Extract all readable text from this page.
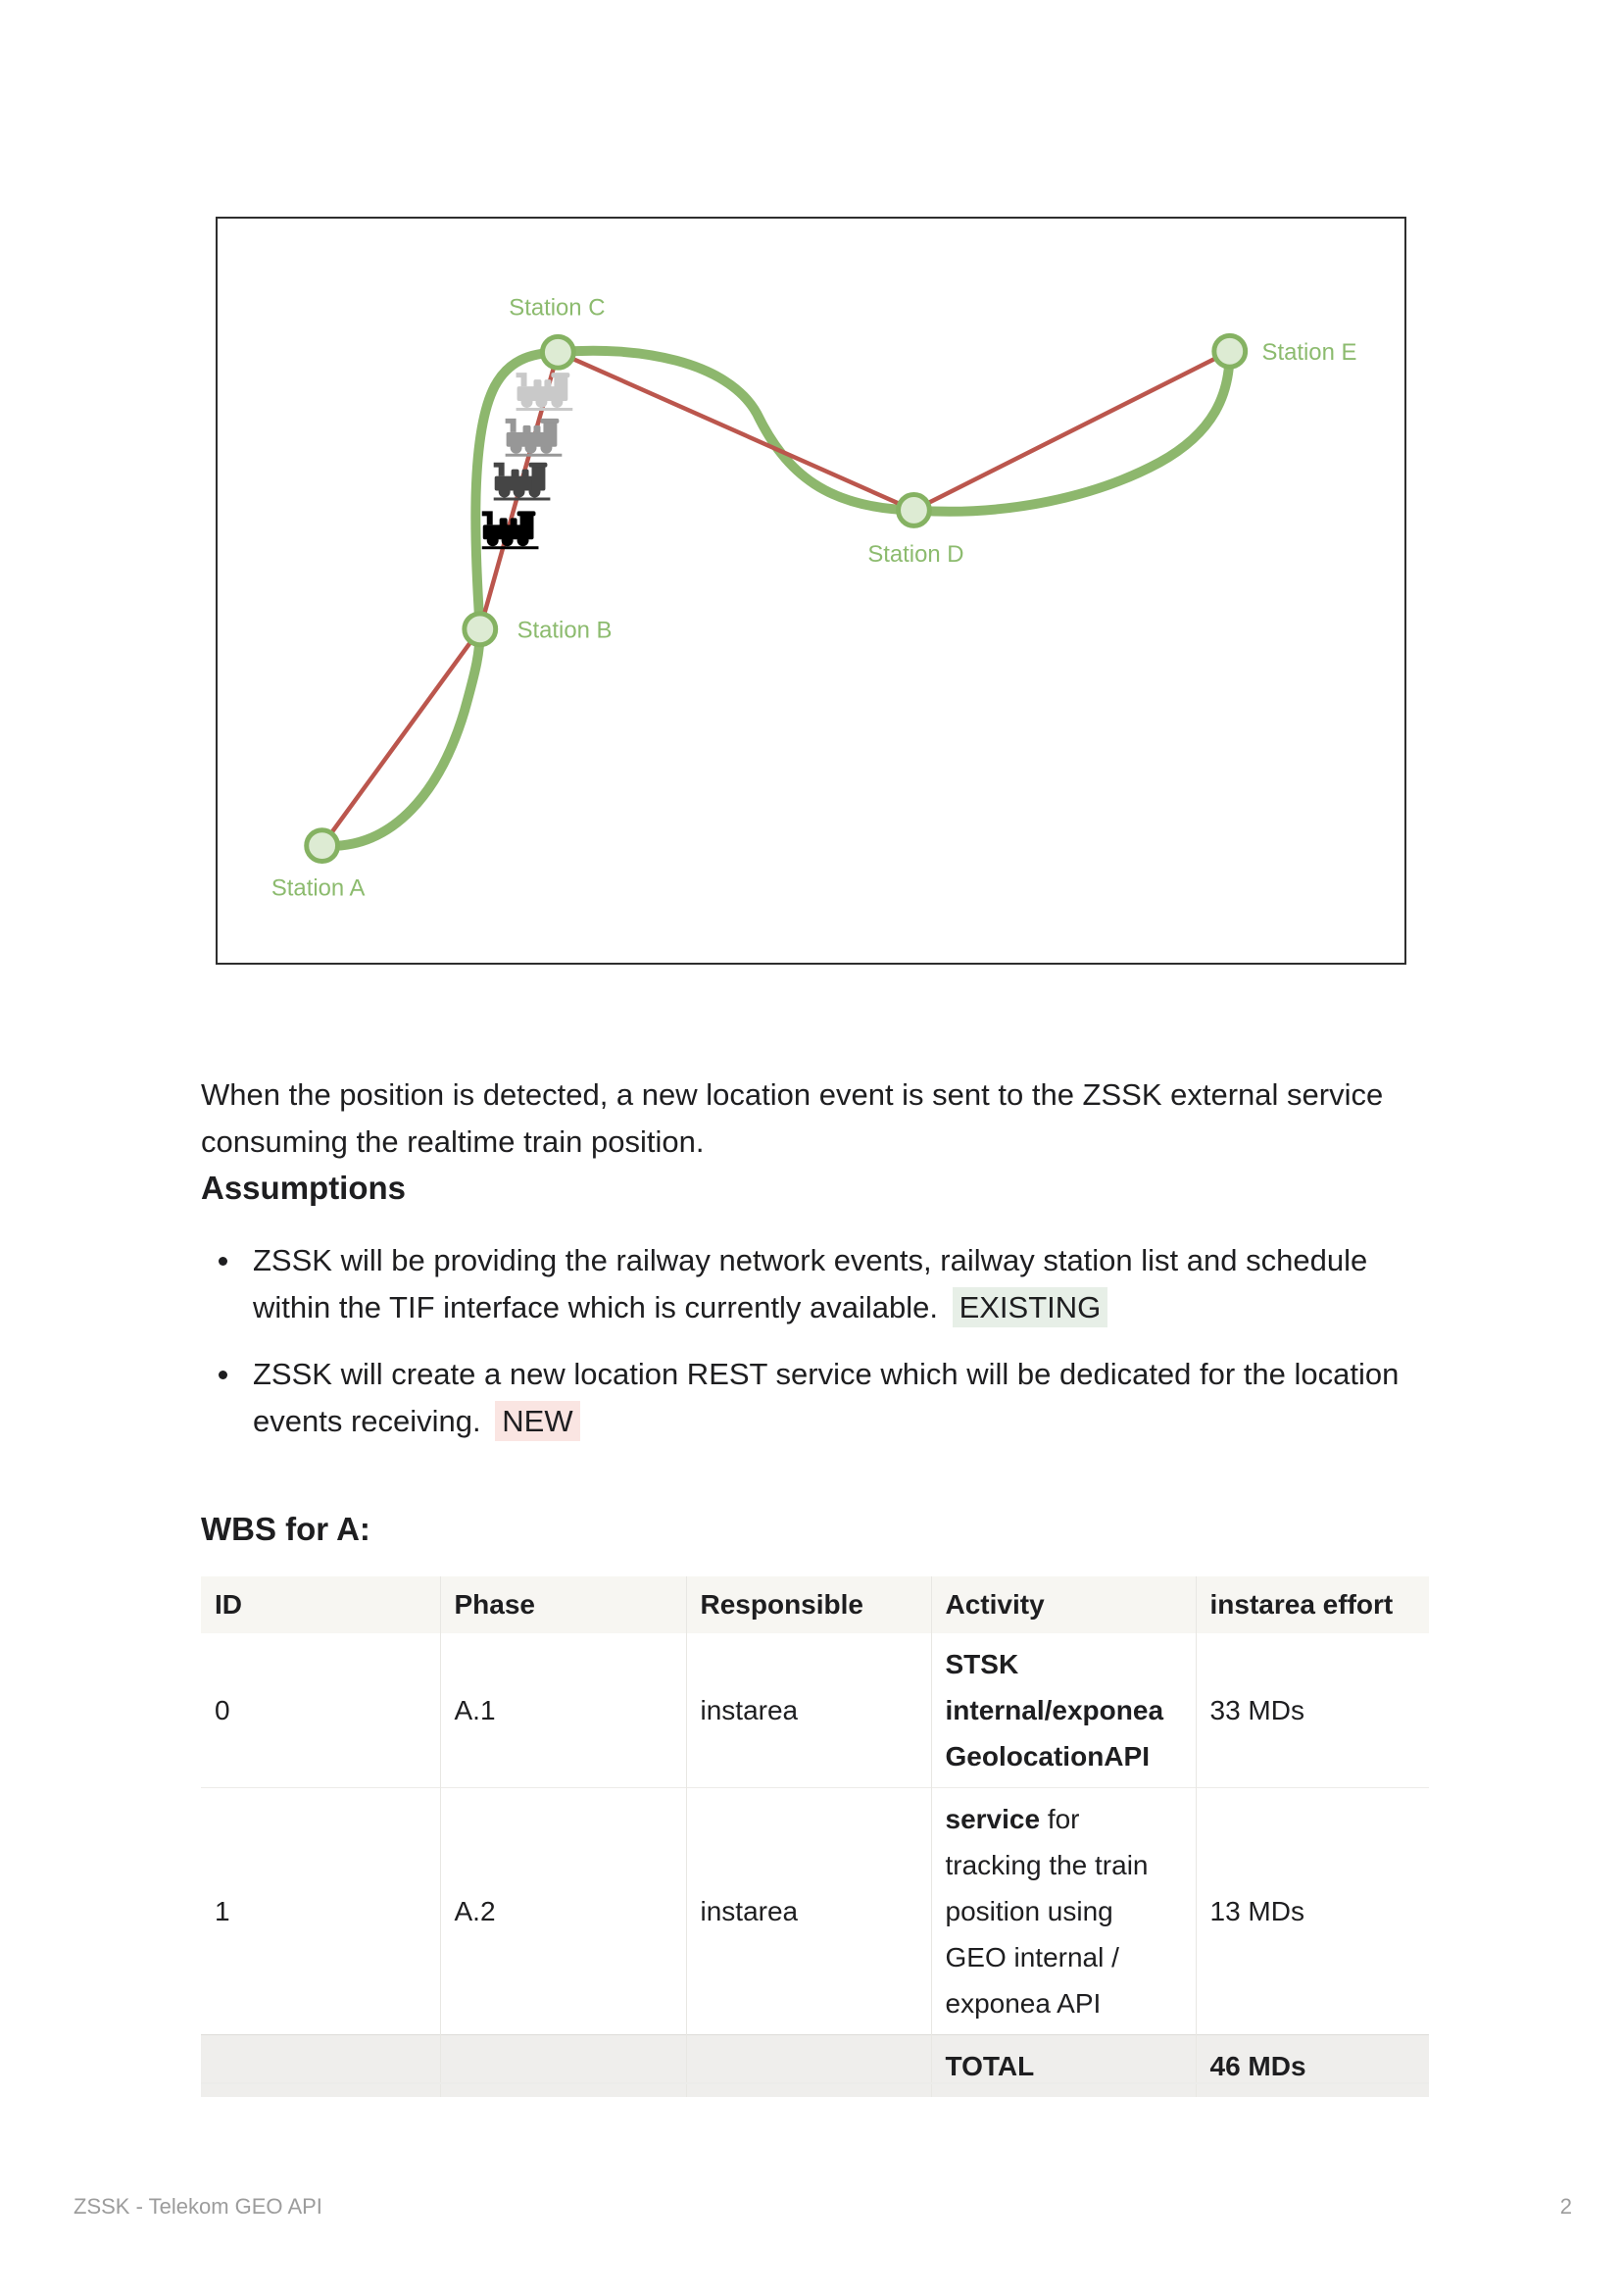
Station A
Station B
Station C
Station D
Station E

When the position is detected, a new location event is sent to the ZSSK external service consuming the realtime train position.

Assumptions
ZSSK will be providing the railway network events, railway station list and schedule within the TIF interface which is currently available. EXISTING
ZSSK will create a new location REST service which will be dedicated for the location events receiving. NEW
WBS for A:
ID	Phase	Responsible	Activity	instarea effort
0	A.1	instarea	STSK internal/exponea GeolocationAPI	33 MDs
1	A.2	instarea	service for tracking the train position using GEO internal / exponea API	13 MDs
			TOTAL	46 MDs
ZSSK - Telekom GEO API	2
